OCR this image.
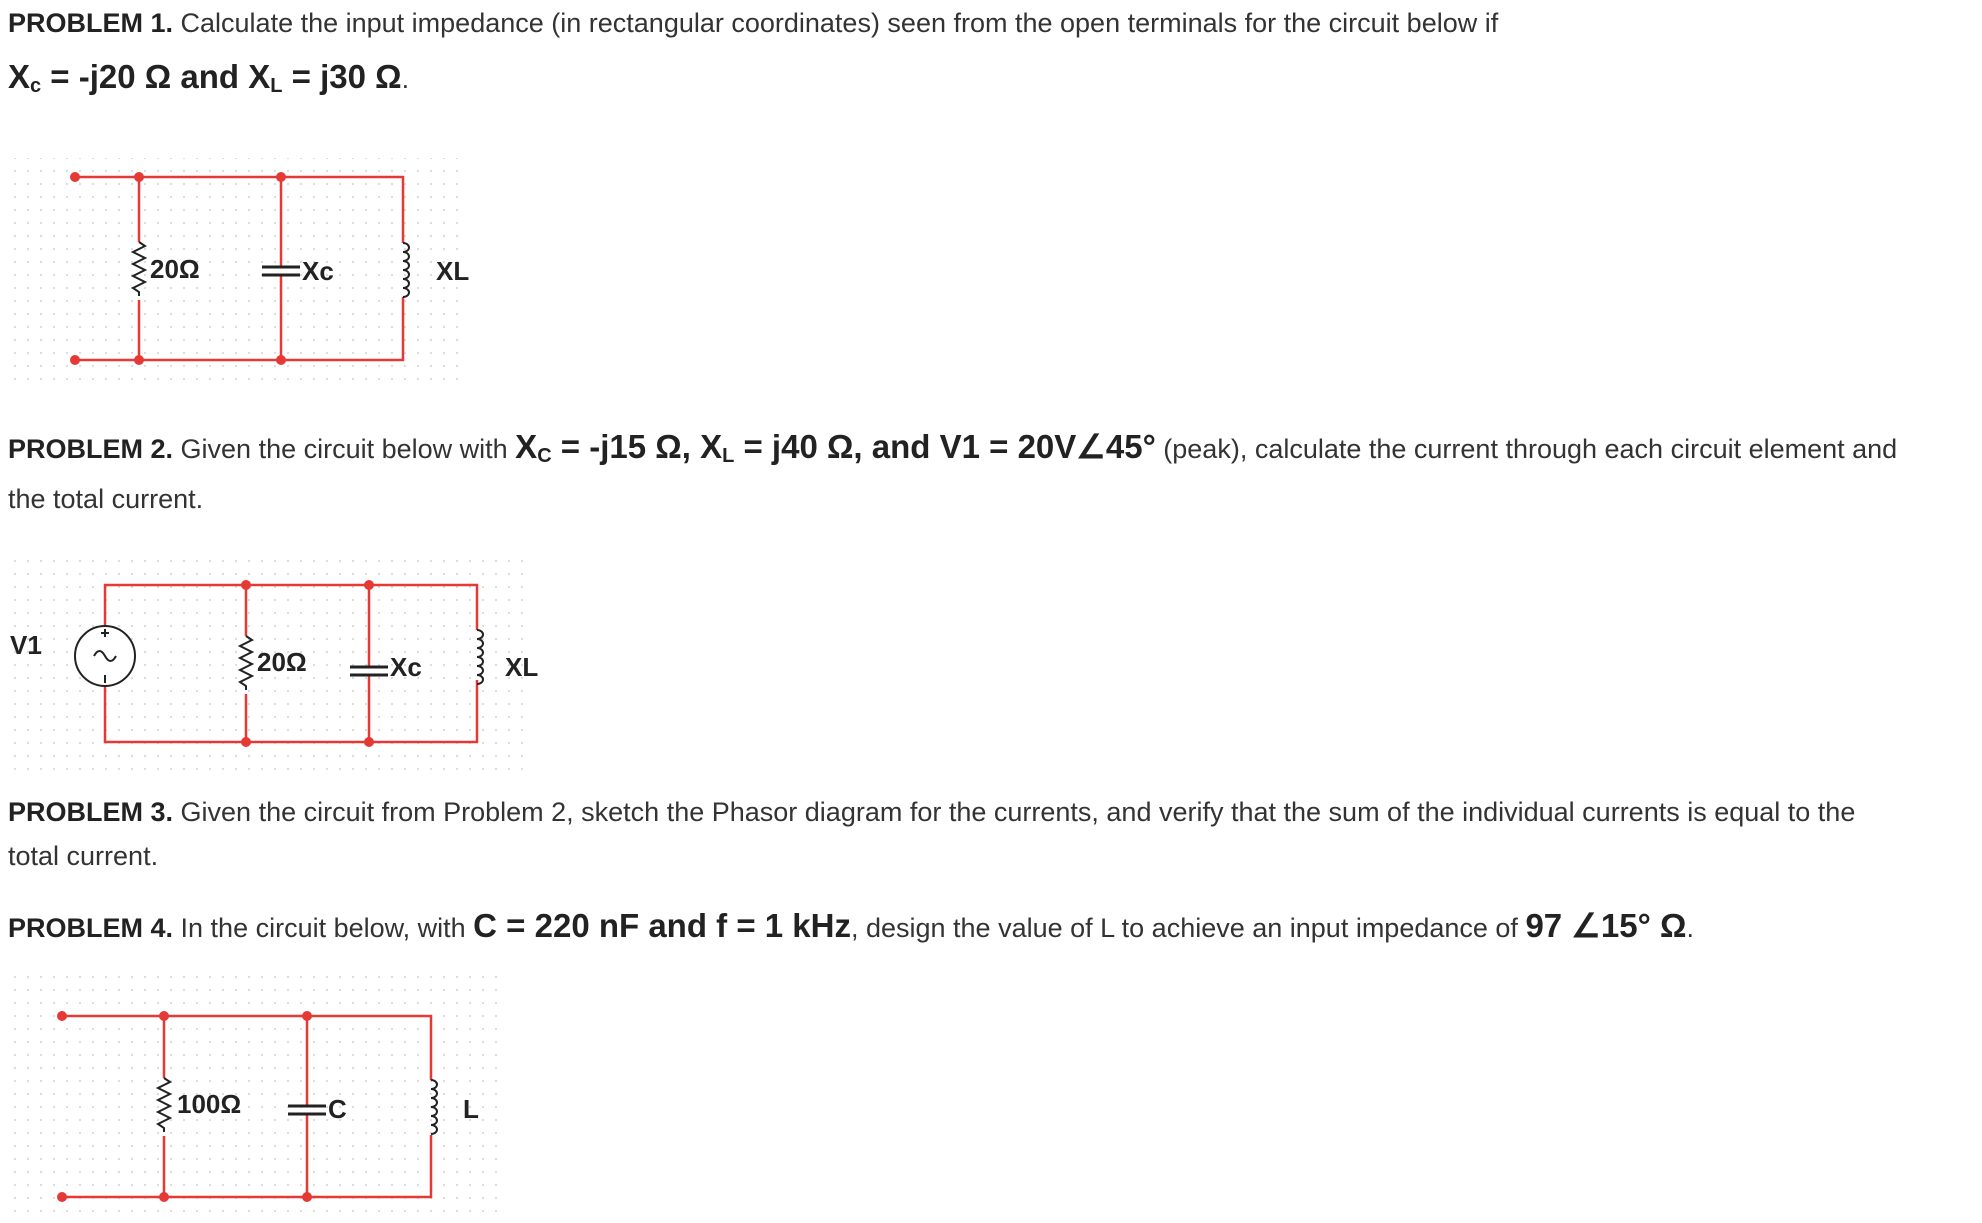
PROBLEM 1. Calculate the input impedance (in rectangular coordinates) seen from the open terminals for the circuit below if
$X_c = -j20$ Ω and $X_L = j30$ Ω.
PROBLEM 2. Given the circuit below with $X_C = -j15$ Ω, $X_L = j40$ Ω, and V1 = 20V∠45° (peak), calculate the current through each circuit element and
the total current.
PROBLEM 3. Given the circuit from Problem 2, sketch the Phasor diagram for the currents, and verify that the sum of the individual currents is equal to the
total current.
PROBLEM 4. In the circuit below, with C = 220 nF and f = 1 kHz, design the value of L to achieve an input impedance of 97 ∠15° Ω.
20Ω	Xc	XL
V1
20Ω	Xc	XL
100Ω	C	L
